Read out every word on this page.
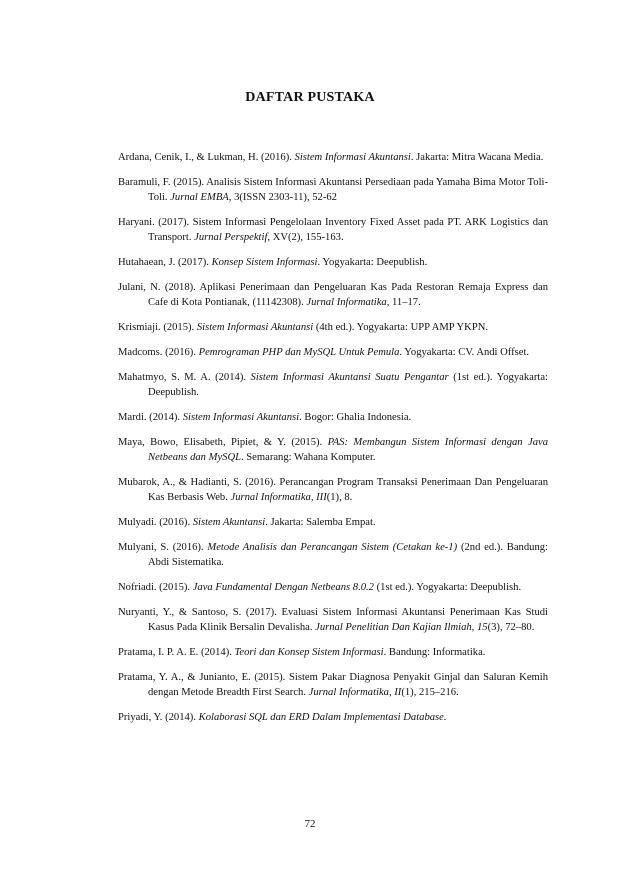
DAFTAR PUSTAKA

Ardana, Cenik, I., & Lukman, H. (2016). Sistem Informasi Akuntansi. Jakarta: Mitra Wacana Media.

Baramuli, F. (2015). Analisis Sistem Informasi Akuntansi Persediaan pada Yamaha Bima Motor Toli-Toli. Jurnal EMBA, 3(ISSN 2303-11), 52-62

Haryani. (2017). Sistem Informasi Pengelolaan Inventory Fixed Asset pada PT. ARK Logistics dan Transport. Jurnal Perspektif, XV(2), 155-163.

Hutahaean, J. (2017). Konsep Sistem Informasi. Yogyakarta: Deepublish.

Julani, N. (2018). Aplikasi Penerimaan dan Pengeluaran Kas Pada Restoran Remaja Express dan Cafe di Kota Pontianak, (11142308). Jurnal Informatika, 11–17.

Krismiaji. (2015). Sistem Informasi Akuntansi (4th ed.). Yogyakarta: UPP AMP YKPN.

Madcoms. (2016). Pemrograman PHP dan MySQL Untuk Pemula. Yogyakarta: CV. Andi Offset.

Mahatmyo, S. M. A. (2014). Sistem Informasi Akuntansi Suatu Pengantar (1st ed.). Yogyakarta: Deepublish.

Mardi. (2014). Sistem Informasi Akuntansi. Bogor: Ghalia Indonesia.

Maya, Bowo, Elisabeth, Pipiet, & Y. (2015). PAS: Membangun Sistem Informasi dengan Java Netbeans dan MySQL. Semarang: Wahana Komputer.

Mubarok, A., & Hadianti, S. (2016). Perancangan Program Transaksi Penerimaan Dan Pengeluaran Kas Berbasis Web. Jurnal Informatika, III(1), 8.

Mulyadi. (2016). Sistem Akuntansi. Jakarta: Salemba Empat.

Mulyani, S. (2016). Metode Analisis dan Perancangan Sistem (Cetakan ke-1) (2nd ed.). Bandung: Abdi Sistematika.

Nofriadi. (2015). Java Fundamental Dengan Netbeans 8.0.2 (1st ed.). Yogyakarta: Deepublish.

Nuryanti, Y., & Santoso, S. (2017). Evaluasi Sistem Informasi Akuntansi Penerimaan Kas Studi Kasus Pada Klinik Bersalin Devalisha. Jurnal Penelitian Dan Kajian Ilmiah, 15(3), 72–80.

Pratama, I. P. A. E. (2014). Teori dan Konsep Sistem Informasi. Bandung: Informatika.

Pratama, Y. A., & Junianto, E. (2015). Sistem Pakar Diagnosa Penyakit Ginjal dan Saluran Kemih dengan Metode Breadth First Search. Jurnal Informatika, II(1), 215–216.

Priyadi, Y. (2014). Kolaborasi SQL dan ERD Dalam Implementasi Database.

72
